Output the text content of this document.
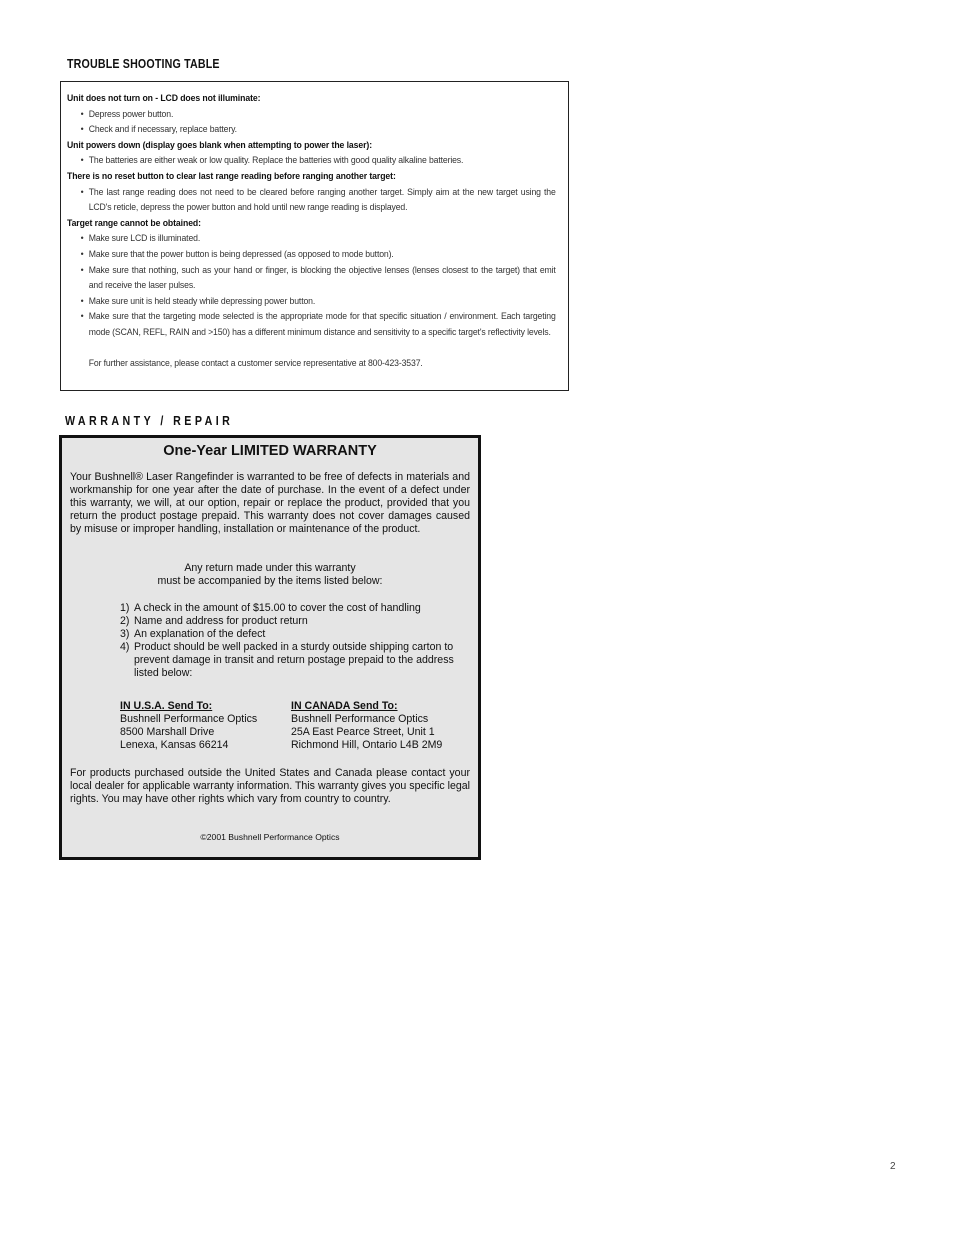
TROUBLE SHOOTING TABLE
Unit does not turn on - LCD does not illuminate:
• Depress power button.
• Check and if necessary, replace battery.
Unit powers down (display goes blank when attempting to power the laser):
• The batteries are either weak or low quality. Replace the batteries with good quality alkaline batteries.
There is no reset button to clear last range reading before ranging another target:
• The last range reading does not need to be cleared before ranging another target. Simply aim at the new target using the LCD's reticle, depress the power button and hold until new range reading is displayed.
Target range cannot be obtained:
• Make sure LCD is illuminated.
• Make sure that the power button is being depressed (as opposed to mode button).
• Make sure that nothing, such as your hand or finger, is blocking the objective lenses (lenses closest to the target) that emit and receive the laser pulses.
• Make sure unit is held steady while depressing power button.
• Make sure that the targeting mode selected is the appropriate mode for that specific situation / environment. Each targeting mode (SCAN, REFL, RAIN and >150) has a different minimum distance and sensitivity to a specific target's reflectivity levels.
For further assistance, please contact a customer service representative at 800-423-3537.
WARRANTY / REPAIR
One-Year LIMITED WARRANTY
Your Bushnell® Laser Rangefinder is warranted to be free of defects in materials and workmanship for one year after the date of purchase. In the event of a defect under this warranty, we will, at our option, repair or replace the product, provided that you return the product postage prepaid. This warranty does not cover damages caused by misuse or improper handling, installation or maintenance of the product.
Any return made under this warranty
must be accompanied by the items listed below:
1) A check in the amount of $15.00 to cover the cost of handling
2) Name and address for product return
3) An explanation of the defect
4) Product should be well packed in a sturdy outside shipping carton to prevent damage in transit and return postage prepaid to the address listed below:
IN U.S.A. Send To:
Bushnell Performance Optics
8500 Marshall Drive
Lenexa, Kansas 66214
IN CANADA Send To:
Bushnell Performance Optics
25A East Pearce Street, Unit 1
Richmond Hill, Ontario L4B 2M9
For products purchased outside the United States and Canada please contact your local dealer for applicable warranty information. This warranty gives you specific legal rights. You may have other rights which vary from country to country.
©2001 Bushnell Performance Optics
2
